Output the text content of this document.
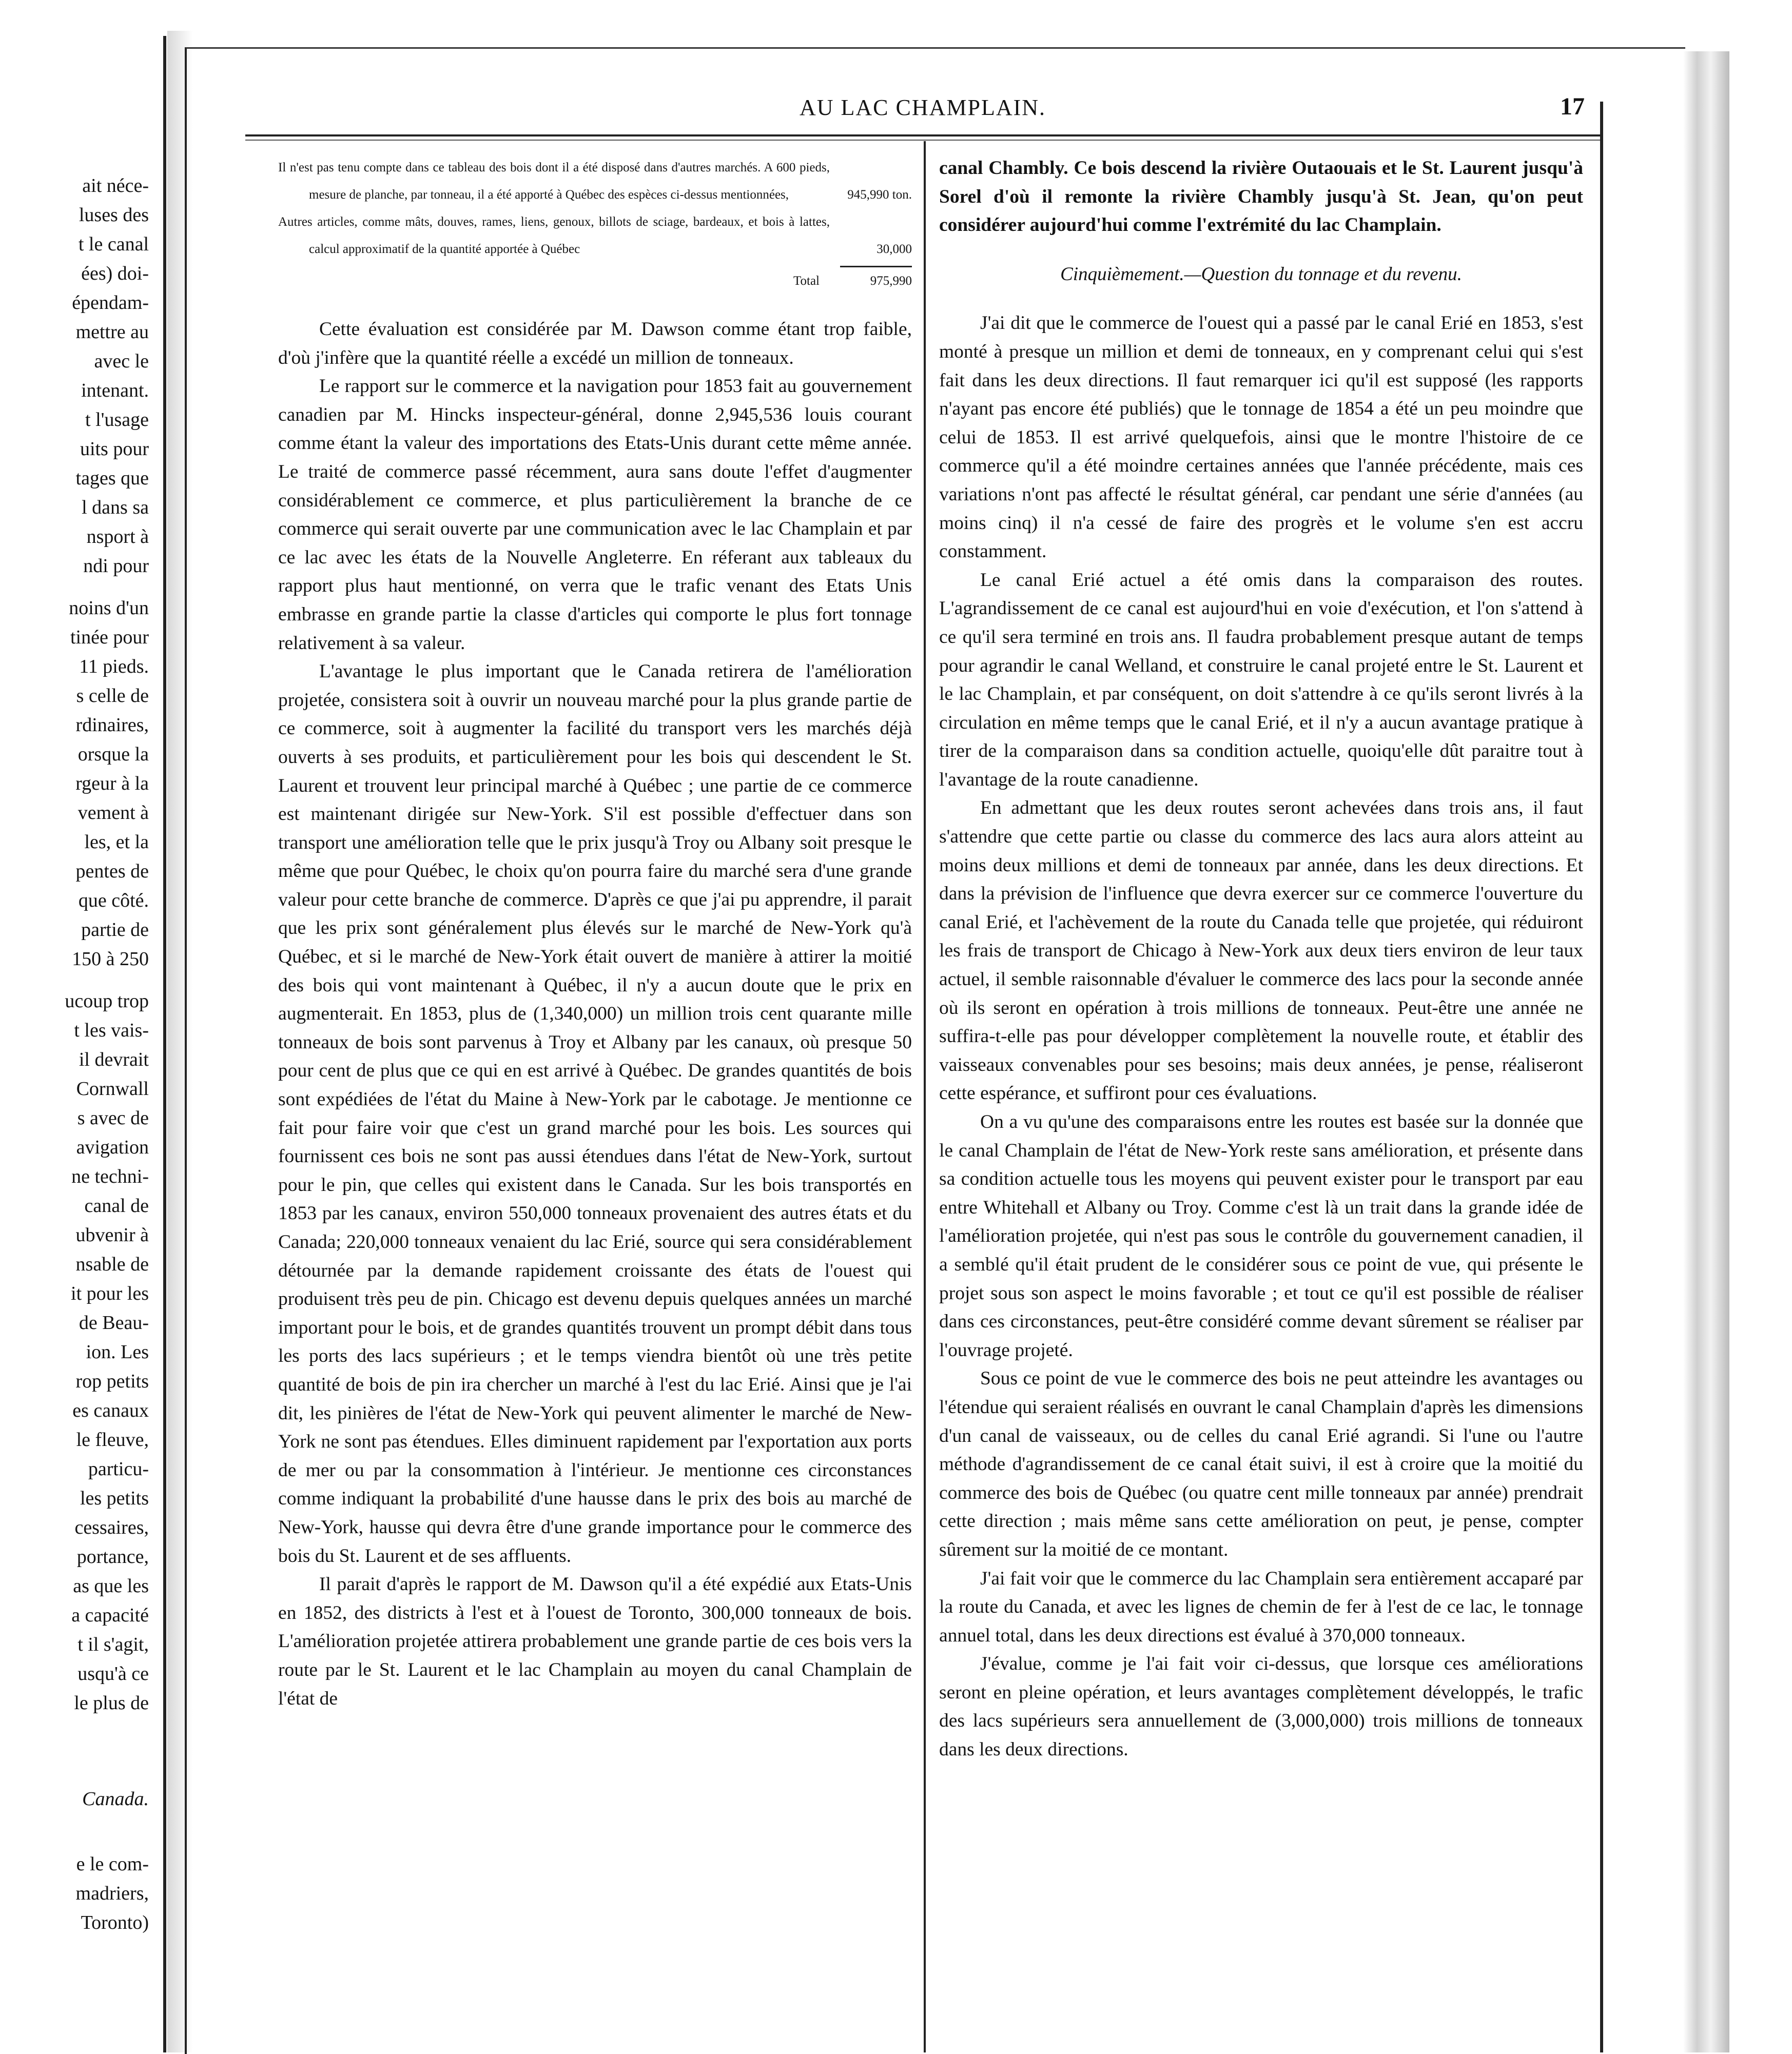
ait néce-
luses des
t le canal
ées) doi-
épendam-
mettre au
avec le
intenant.
t l'usage
uits pour
tages que
l dans sa
nsport à
ndi pour
noins d'un
tinée pour
11 pieds.
s celle de
rdinaires,
orsque la
rgeur à la
vement à
les, et la
pentes de
que côté.
partie de
150 à 250
ucoup trop
t les vais-
il devrait
Cornwall
s avec de
avigation
ne techni-
canal de
ubvenir à
nsable de
it pour les
de Beau-
ion. Les
rop petits
es canaux
le fleuve,
particu-
les petits
cessaires,
portance,
as que les
a capacité
t il s'agit,
usqu'à ce
le plus de
Canada.
e le com-
madriers,
Toronto)
AU LAC CHAMPLAIN.	17
Il n'est pas tenu compte dans ce tableau des bois dont il a été disposé dans d'autres marchés. A 600 pieds, mesure de planche, par tonneau, il a été apporté à Québec des espèces ci-dessus mentionnées,	945,990 ton.
Autres articles, comme mâts, douves, rames, liens, genoux, billots de sciage, bardeaux, et bois à lattes, calcul approximatif de la quantité apportée à Québec	30,000
Total	975,990

Cette évaluation est considérée par M. Dawson comme étant trop faible, d'où j'infère que la quantité réelle a excédé un million de tonneaux.

Le rapport sur le commerce et la navigation pour 1853 fait au gouvernement canadien par M. Hincks inspecteur-général, donne 2,945,536 louis courant comme étant la valeur des importations des Etats-Unis durant cette même année. Le traité de commerce passé récemment, aura sans doute l'effet d'augmenter considérablement ce commerce, et plus particulièrement la branche de ce commerce qui serait ouverte par une communication avec le lac Champlain et par ce lac avec les états de la Nouvelle Angleterre. En réferant aux tableaux du rapport plus haut mentionné, on verra que le trafic venant des Etats Unis embrasse en grande partie la classe d'articles qui comporte le plus fort tonnage relativement à sa valeur.

L'avantage le plus important que le Canada retirera de l'amélioration projetée, consistera soit à ouvrir un nouveau marché pour la plus grande partie de ce commerce, soit à augmenter la facilité du transport vers les marchés déjà ouverts à ses produits, et particulièrement pour les bois qui descendent le St. Laurent et trouvent leur principal marché à Québec ; une partie de ce commerce est maintenant dirigée sur New-York. S'il est possible d'effectuer dans son transport une amélioration telle que le prix jusqu'à Troy ou Albany soit presque le même que pour Québec, le choix qu'on pourra faire du marché sera d'une grande valeur pour cette branche de commerce. D'après ce que j'ai pu apprendre, il parait que les prix sont généralement plus élevés sur le marché de New-York qu'à Québec, et si le marché de New-York était ouvert de manière à attirer la moitié des bois qui vont maintenant à Québec, il n'y a aucun doute que le prix en augmenterait. En 1853, plus de (1,340,000) un million trois cent quarante mille tonneaux de bois sont parvenus à Troy et Albany par les canaux, où presque 50 pour cent de plus que ce qui en est arrivé à Québec. De grandes quantités de bois sont expédiées de l'état du Maine à New-York par le cabotage. Je mentionne ce fait pour faire voir que c'est un grand marché pour les bois. Les sources qui fournissent ces bois ne sont pas aussi étendues dans l'état de New-York, surtout pour le pin, que celles qui existent dans le Canada. Sur les bois transportés en 1853 par les canaux, environ 550,000 tonneaux provenaient des autres états et du Canada; 220,000 tonneaux venaient du lac Erié, source qui sera considérablement détournée par la demande rapidement croissante des états de l'ouest qui produisent très peu de pin. Chicago est devenu depuis quelques années un marché important pour le bois, et de grandes quantités trouvent un prompt débit dans tous les ports des lacs supérieurs ; et le temps viendra bientôt où une très petite quantité de bois de pin ira chercher un marché à l'est du lac Erié. Ainsi que je l'ai dit, les pinières de l'état de New-York qui peuvent alimenter le marché de New-York ne sont pas étendues. Elles diminuent rapidement par l'exportation aux ports de mer ou par la consommation à l'intérieur. Je mentionne ces circonstances comme indiquant la probabilité d'une hausse dans le prix des bois au marché de New-York, hausse qui devra être d'une grande importance pour le commerce des bois du St. Laurent et de ses affluents.

Il parait d'après le rapport de M. Dawson qu'il a été expédié aux Etats-Unis en 1852, des districts à l'est et à l'ouest de Toronto, 300,000 tonneaux de bois. L'amélioration projetée attirera probablement une grande partie de ces bois vers la route par le St. Laurent et le lac Champlain au moyen du canal Champlain de l'état de

canal Chambly. Ce bois descend la rivière Outaouais et le St. Laurent jusqu'à Sorel d'où il remonte la rivière Chambly jusqu'à St. Jean, qu'on peut considérer aujourd'hui comme l'extrémité du lac Champlain.

Cinquièmement.—Question du tonnage et du revenu.

J'ai dit que le commerce de l'ouest qui a passé par le canal Erié en 1853, s'est monté à presque un million et demi de tonneaux, en y comprenant celui qui s'est fait dans les deux directions. Il faut remarquer ici qu'il est supposé (les rapports n'ayant pas encore été publiés) que le tonnage de 1854 a été un peu moindre que celui de 1853. Il est arrivé quelquefois, ainsi que le montre l'histoire de ce commerce qu'il a été moindre certaines années que l'année précédente, mais ces variations n'ont pas affecté le résultat général, car pendant une série d'années (au moins cinq) il n'a cessé de faire des progrès et le volume s'en est accru constamment.

Le canal Erié actuel a été omis dans la comparaison des routes. L'agrandissement de ce canal est aujourd'hui en voie d'exécution, et l'on s'attend à ce qu'il sera terminé en trois ans. Il faudra probablement presque autant de temps pour agrandir le canal Welland, et construire le canal projeté entre le St. Laurent et le lac Champlain, et par conséquent, on doit s'attendre à ce qu'ils seront livrés à la circulation en même temps que le canal Erié, et il n'y a aucun avantage pratique à tirer de la comparaison dans sa condition actuelle, quoiqu'elle dût paraitre tout à l'avantage de la route canadienne.

En admettant que les deux routes seront achevées dans trois ans, il faut s'attendre que cette partie ou classe du commerce des lacs aura alors atteint au moins deux millions et demi de tonneaux par année, dans les deux directions. Et dans la prévision de l'influence que devra exercer sur ce commerce l'ouverture du canal Erié, et l'achèvement de la route du Canada telle que projetée, qui réduiront les frais de transport de Chicago à New-York aux deux tiers environ de leur taux actuel, il semble raisonnable d'évaluer le commerce des lacs pour la seconde année où ils seront en opération à trois millions de tonneaux. Peut-être une année ne suffira-t-elle pas pour développer complètement la nouvelle route, et établir des vaisseaux convenables pour ses besoins; mais deux années, je pense, réaliseront cette espérance, et suffiront pour ces évaluations.

On a vu qu'une des comparaisons entre les routes est basée sur la donnée que le canal Champlain de l'état de New-York reste sans amélioration, et présente dans sa condition actuelle tous les moyens qui peuvent exister pour le transport par eau entre Whitehall et Albany ou Troy. Comme c'est là un trait dans la grande idée de l'amélioration projetée, qui n'est pas sous le contrôle du gouvernement canadien, il a semblé qu'il était prudent de le considérer sous ce point de vue, qui présente le projet sous son aspect le moins favorable ; et tout ce qu'il est possible de réaliser dans ces circonstances, peut-être considéré comme devant sûrement se réaliser par l'ouvrage projeté.

Sous ce point de vue le commerce des bois ne peut atteindre les avantages ou l'étendue qui seraient réalisés en ouvrant le canal Champlain d'après les dimensions d'un canal de vaisseaux, ou de celles du canal Erié agrandi. Si l'une ou l'autre méthode d'agrandissement de ce canal était suivi, il est à croire que la moitié du commerce des bois de Québec (ou quatre cent mille tonneaux par année) prendrait cette direction ; mais même sans cette amélioration on peut, je pense, compter sûrement sur la moitié de ce montant.

J'ai fait voir que le commerce du lac Champlain sera entièrement accaparé par la route du Canada, et avec les lignes de chemin de fer à l'est de ce lac, le tonnage annuel total, dans les deux directions est évalué à 370,000 tonneaux.

J'évalue, comme je l'ai fait voir ci-dessus, que lorsque ces améliorations seront en pleine opération, et leurs avantages complètement développés, le trafic des lacs supérieurs sera annuellement de (3,000,000) trois millions de tonneaux dans les deux directions.
